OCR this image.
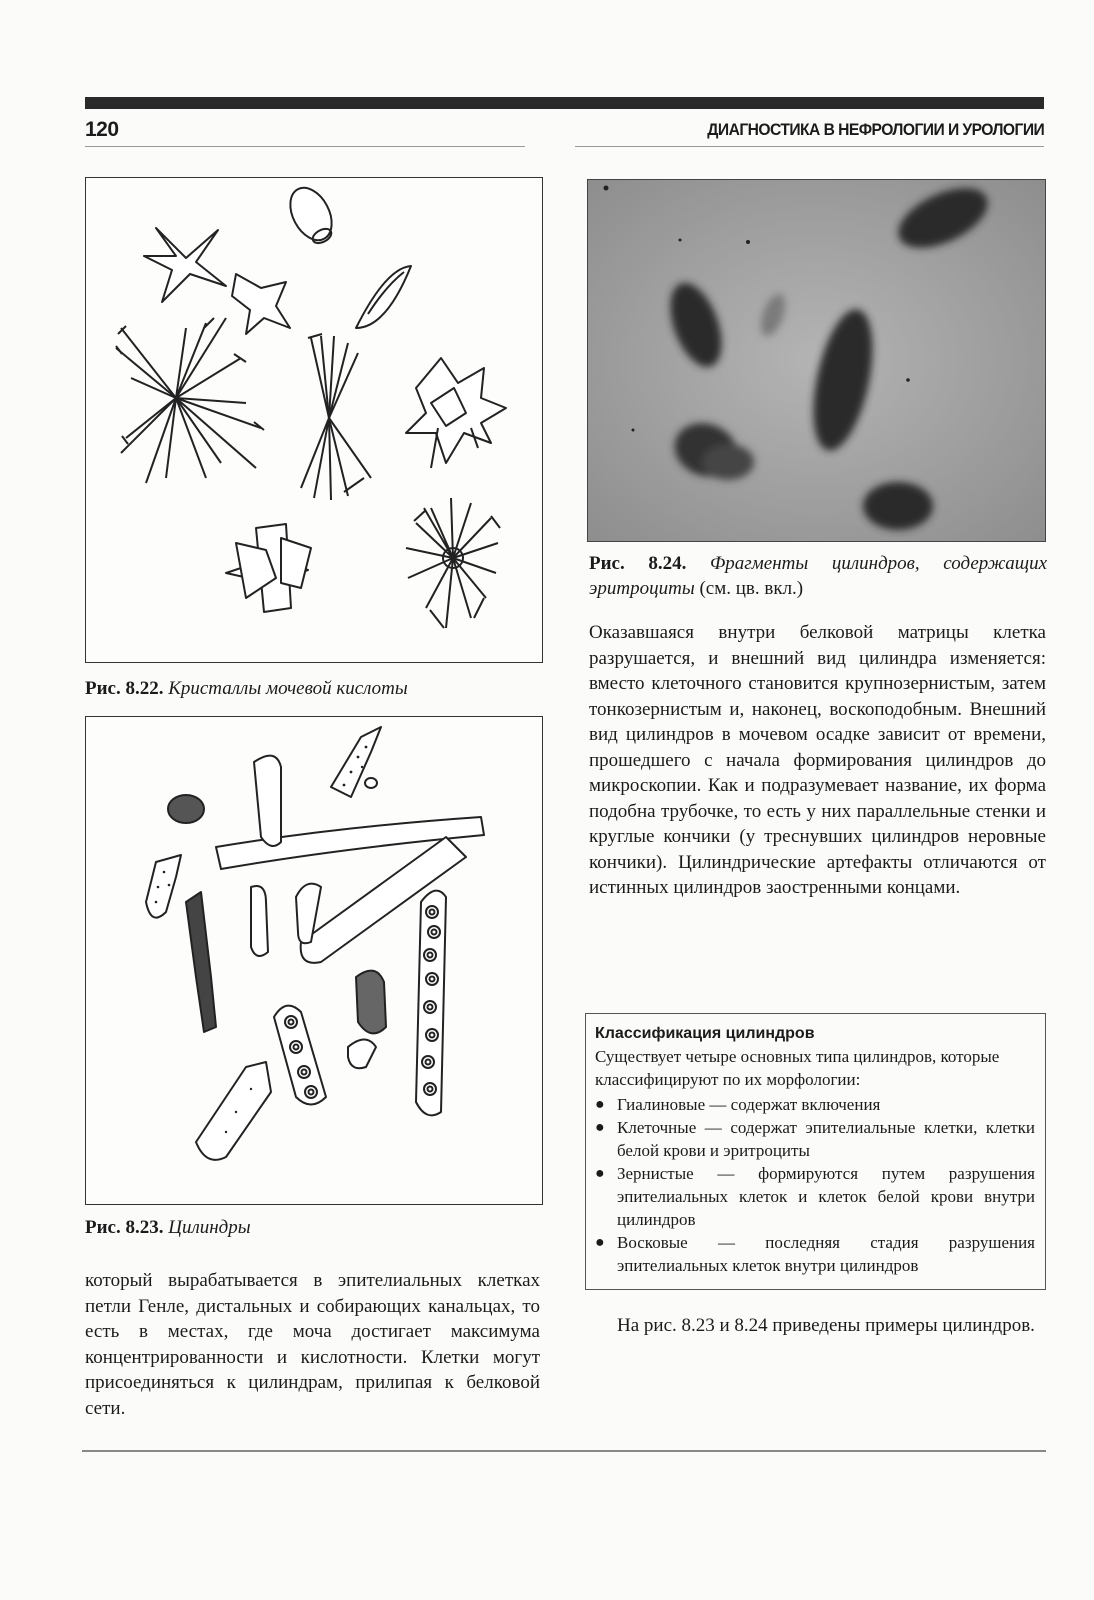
120	ДИАГНОСТИКА В НЕФРОЛОГИИ И УРОЛОГИИ
Рис. 8.22. Кристаллы мочевой кислоты
Рис. 8.23. Цилиндры
Рис. 8.24. Фрагменты цилиндров, содержащих эритроциты (см. цв. вкл.)
который вырабатывается в эпителиальных клетках петли Генле, дистальных и собирающих канальцах, то есть в местах, где моча достигает максимума концентрированности и кислотности. Клетки могут присоединяться к цилиндрам, прилипая к белковой сети.
Оказавшаяся внутри белковой матрицы клетка разрушается, и внешний вид цилиндра изменяется: вместо клеточного становится крупнозернистым, затем тонкозернистым и, наконец, воскоподобным. Внешний вид цилиндров в мочевом осадке зависит от времени, прошедшего с начала формирования цилиндров до микроскопии. Как и подразумевает название, их форма подобна трубочке, то есть у них параллельные стенки и круглые кончики (у треснувших цилиндров неровные кончики). Цилиндрические артефакты отличаются от истинных цилиндров заостренными концами.
Классификация цилиндров
Существует четыре основных типа цилиндров, которые классифицируют по их морфологии:
● Гиалиновые — содержат включения
● Клеточные — содержат эпителиальные клетки, клетки белой крови и эритроциты
● Зернистые — формируются путем разрушения эпителиальных клеток и клеток белой крови внутри цилиндров
● Восковые — последняя стадия разрушения эпителиальных клеток внутри цилиндров
На рис. 8.23 и 8.24 приведены примеры цилиндров.
